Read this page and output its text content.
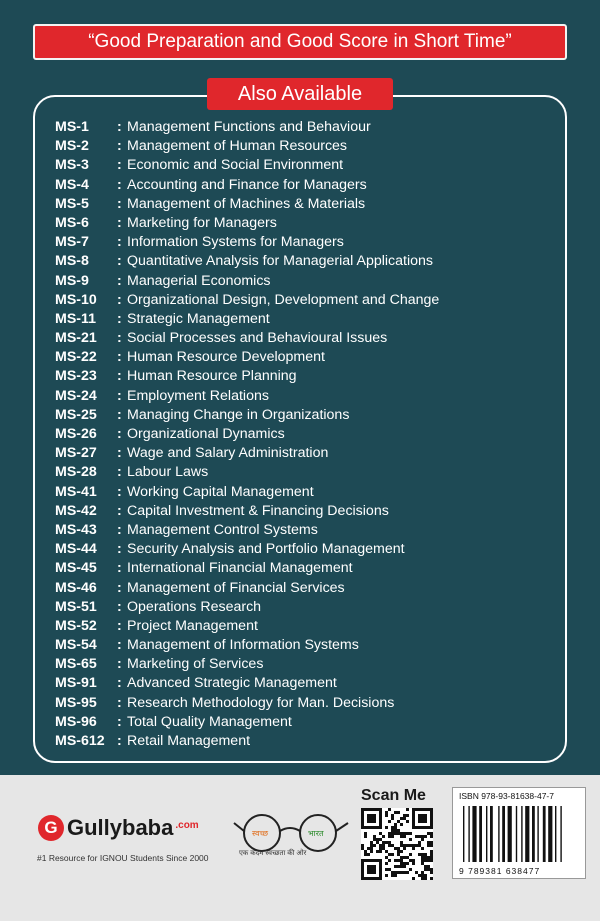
“Good Preparation and Good Score in Short Time”
Also Available
MS-1	: Management Functions and Behaviour
MS-2	: Management of Human Resources
MS-3	: Economic and Social Environment
MS-4	: Accounting and Finance for Managers
MS-5	: Management of Machines & Materials
MS-6	: Marketing for Managers
MS-7	: Information Systems for Managers
MS-8	: Quantitative Analysis for Managerial Applications
MS-9	: Managerial Economics
MS-10	: Organizational Design, Development and Change
MS-11	: Strategic Management
MS-21	: Social Processes and Behavioural Issues
MS-22	: Human Resource Development
MS-23	: Human Resource Planning
MS-24	: Employment Relations
MS-25	: Managing Change in Organizations
MS-26	: Organizational Dynamics
MS-27	: Wage and Salary Administration
MS-28	: Labour Laws
MS-41	: Working Capital Management
MS-42	: Capital Investment & Financing Decisions
MS-43	: Management Control Systems
MS-44	: Security Analysis and Portfolio Management
MS-45	: International Financial Management
MS-46	: Management of Financial Services
MS-51	: Operations Research
MS-52	: Project Management
MS-54	: Management of Information Systems
MS-65	: Marketing of Services
MS-91	: Advanced Strategic Management
MS-95	: Research Methodology for Man. Decisions
MS-96	: Total Quality Management
MS-612 : Retail Management
G Gullybaba .com
#1 Resource for IGNOU Students Since 2000
स्वच्छ	भारत
एक कदम स्वच्छता की ओर
Scan Me	ISBN 978-93-81638-47-7
9 789381 638477
